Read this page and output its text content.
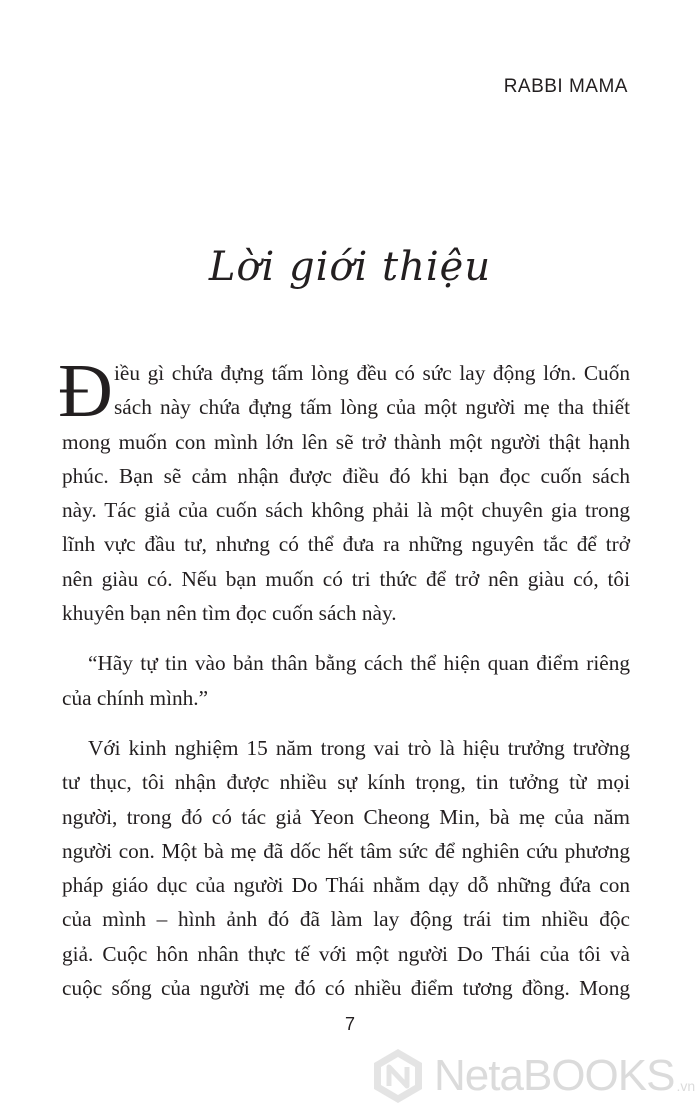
RABBI MAMA
Lời giới thiệu
Đ iều gì chứa đựng tấm lòng đều có sức lay động lớn. Cuốn
sách này chứa đựng tấm lòng của một người mẹ tha thiết
mong muốn con mình lớn lên sẽ trở thành một người thật hạnh
phúc. Bạn sẽ cảm nhận được điều đó khi bạn đọc cuốn sách
này. Tác giả của cuốn sách không phải là một chuyên gia trong
lĩnh vực đầu tư, nhưng có thể đưa ra những nguyên tắc để trở
nên giàu có. Nếu bạn muốn có tri thức để trở nên giàu có, tôi
khuyên bạn nên tìm đọc cuốn sách này.
“Hãy tự tin vào bản thân bằng cách thể hiện quan điểm riêng
của chính mình.”
Với kinh nghiệm 15 năm trong vai trò là hiệu trưởng trường
tư thục, tôi nhận được nhiều sự kính trọng, tin tưởng từ mọi
người, trong đó có tác giả Yeon Cheong Min, bà mẹ của năm
người con. Một bà mẹ đã dốc hết tâm sức để nghiên cứu phương
pháp giáo dục của người Do Thái nhằm dạy dỗ những đứa con
của mình – hình ảnh đó đã làm lay động trái tim nhiều độc
giả. Cuộc hôn nhân thực tế với một người Do Thái của tôi và
cuộc sống của người mẹ đó có nhiều điểm tương đồng. Mong
7
NetaBOOKS .vn
